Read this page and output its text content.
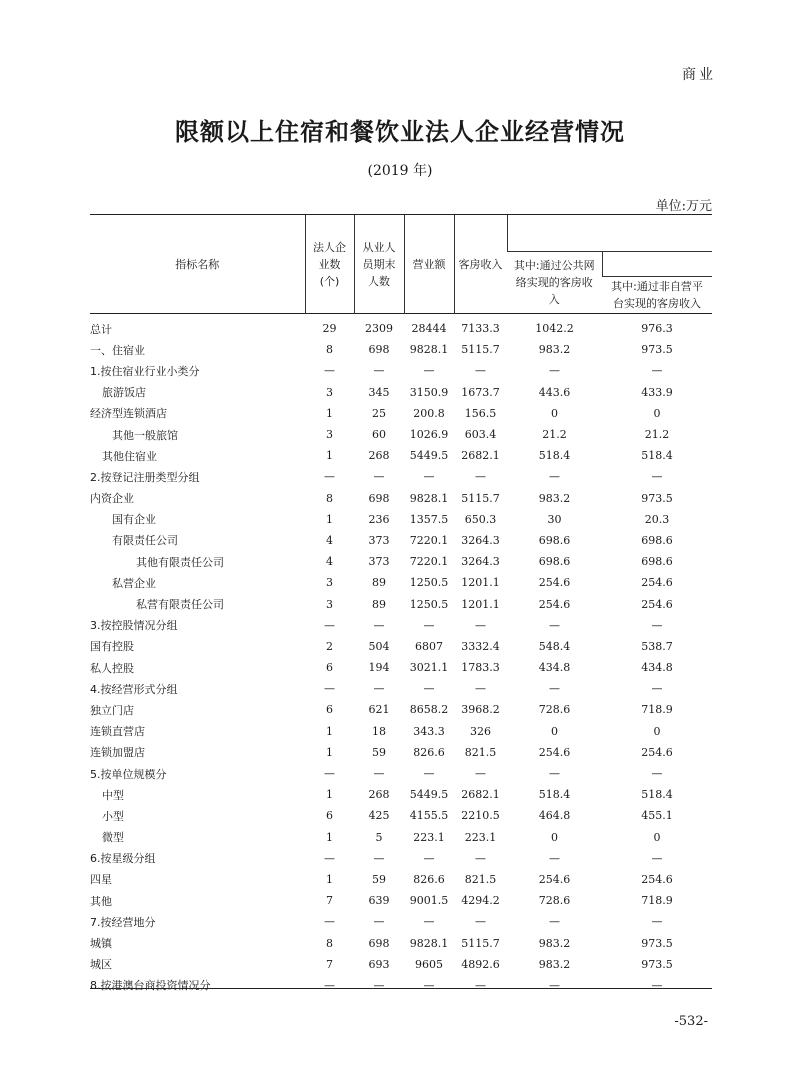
商业
限额以上住宿和餐饮业法人企业经营情况
(2019 年)
单位:万元
指标名称	法人企业数(个)	从业人员期末人数	营业额	客房收入		

					其中:通过公共网络实现的客房收入	

						其中:通过非自营平台实现的客房收入

总计	29	2309	28444	7133.3	1042.2	976.3
一、住宿业	8	698	9828.1	5115.7	983.2	973.5
1.按住宿业行业小类分	—	—	—	—	—	—
旅游饭店	3	345	3150.9	1673.7	443.6	433.9
经济型连锁酒店	1	25	200.8	156.5	0	0
其他一般旅馆	3	60	1026.9	603.4	21.2	21.2
其他住宿业	1	268	5449.5	2682.1	518.4	518.4
2.按登记注册类型分组	—	—	—	—	—	—
内资企业	8	698	9828.1	5115.7	983.2	973.5
国有企业	1	236	1357.5	650.3	30	20.3
有限责任公司	4	373	7220.1	3264.3	698.6	698.6
其他有限责任公司	4	373	7220.1	3264.3	698.6	698.6
私营企业	3	89	1250.5	1201.1	254.6	254.6
私营有限责任公司	3	89	1250.5	1201.1	254.6	254.6
3.按控股情况分组	—	—	—	—	—	—
国有控股	2	504	6807	3332.4	548.4	538.7
私人控股	6	194	3021.1	1783.3	434.8	434.8
4.按经营形式分组	—	—	—	—	—	—
独立门店	6	621	8658.2	3968.2	728.6	718.9
连锁直营店	1	18	343.3	326	0	0
连锁加盟店	1	59	826.6	821.5	254.6	254.6
5.按单位规模分	—	—	—	—	—	—
中型	1	268	5449.5	2682.1	518.4	518.4
小型	6	425	4155.5	2210.5	464.8	455.1
微型	1	5	223.1	223.1	0	0
6.按星级分组	—	—	—	—	—	—
四星	1	59	826.6	821.5	254.6	254.6
其他	7	639	9001.5	4294.2	728.6	718.9
7.按经营地分	—	—	—	—	—	—
城镇	8	698	9828.1	5115.7	983.2	973.5
城区	7	693	9605	4892.6	983.2	973.5
8.按港澳台商投资情况分	—	—	—	—	—	—
-532-
